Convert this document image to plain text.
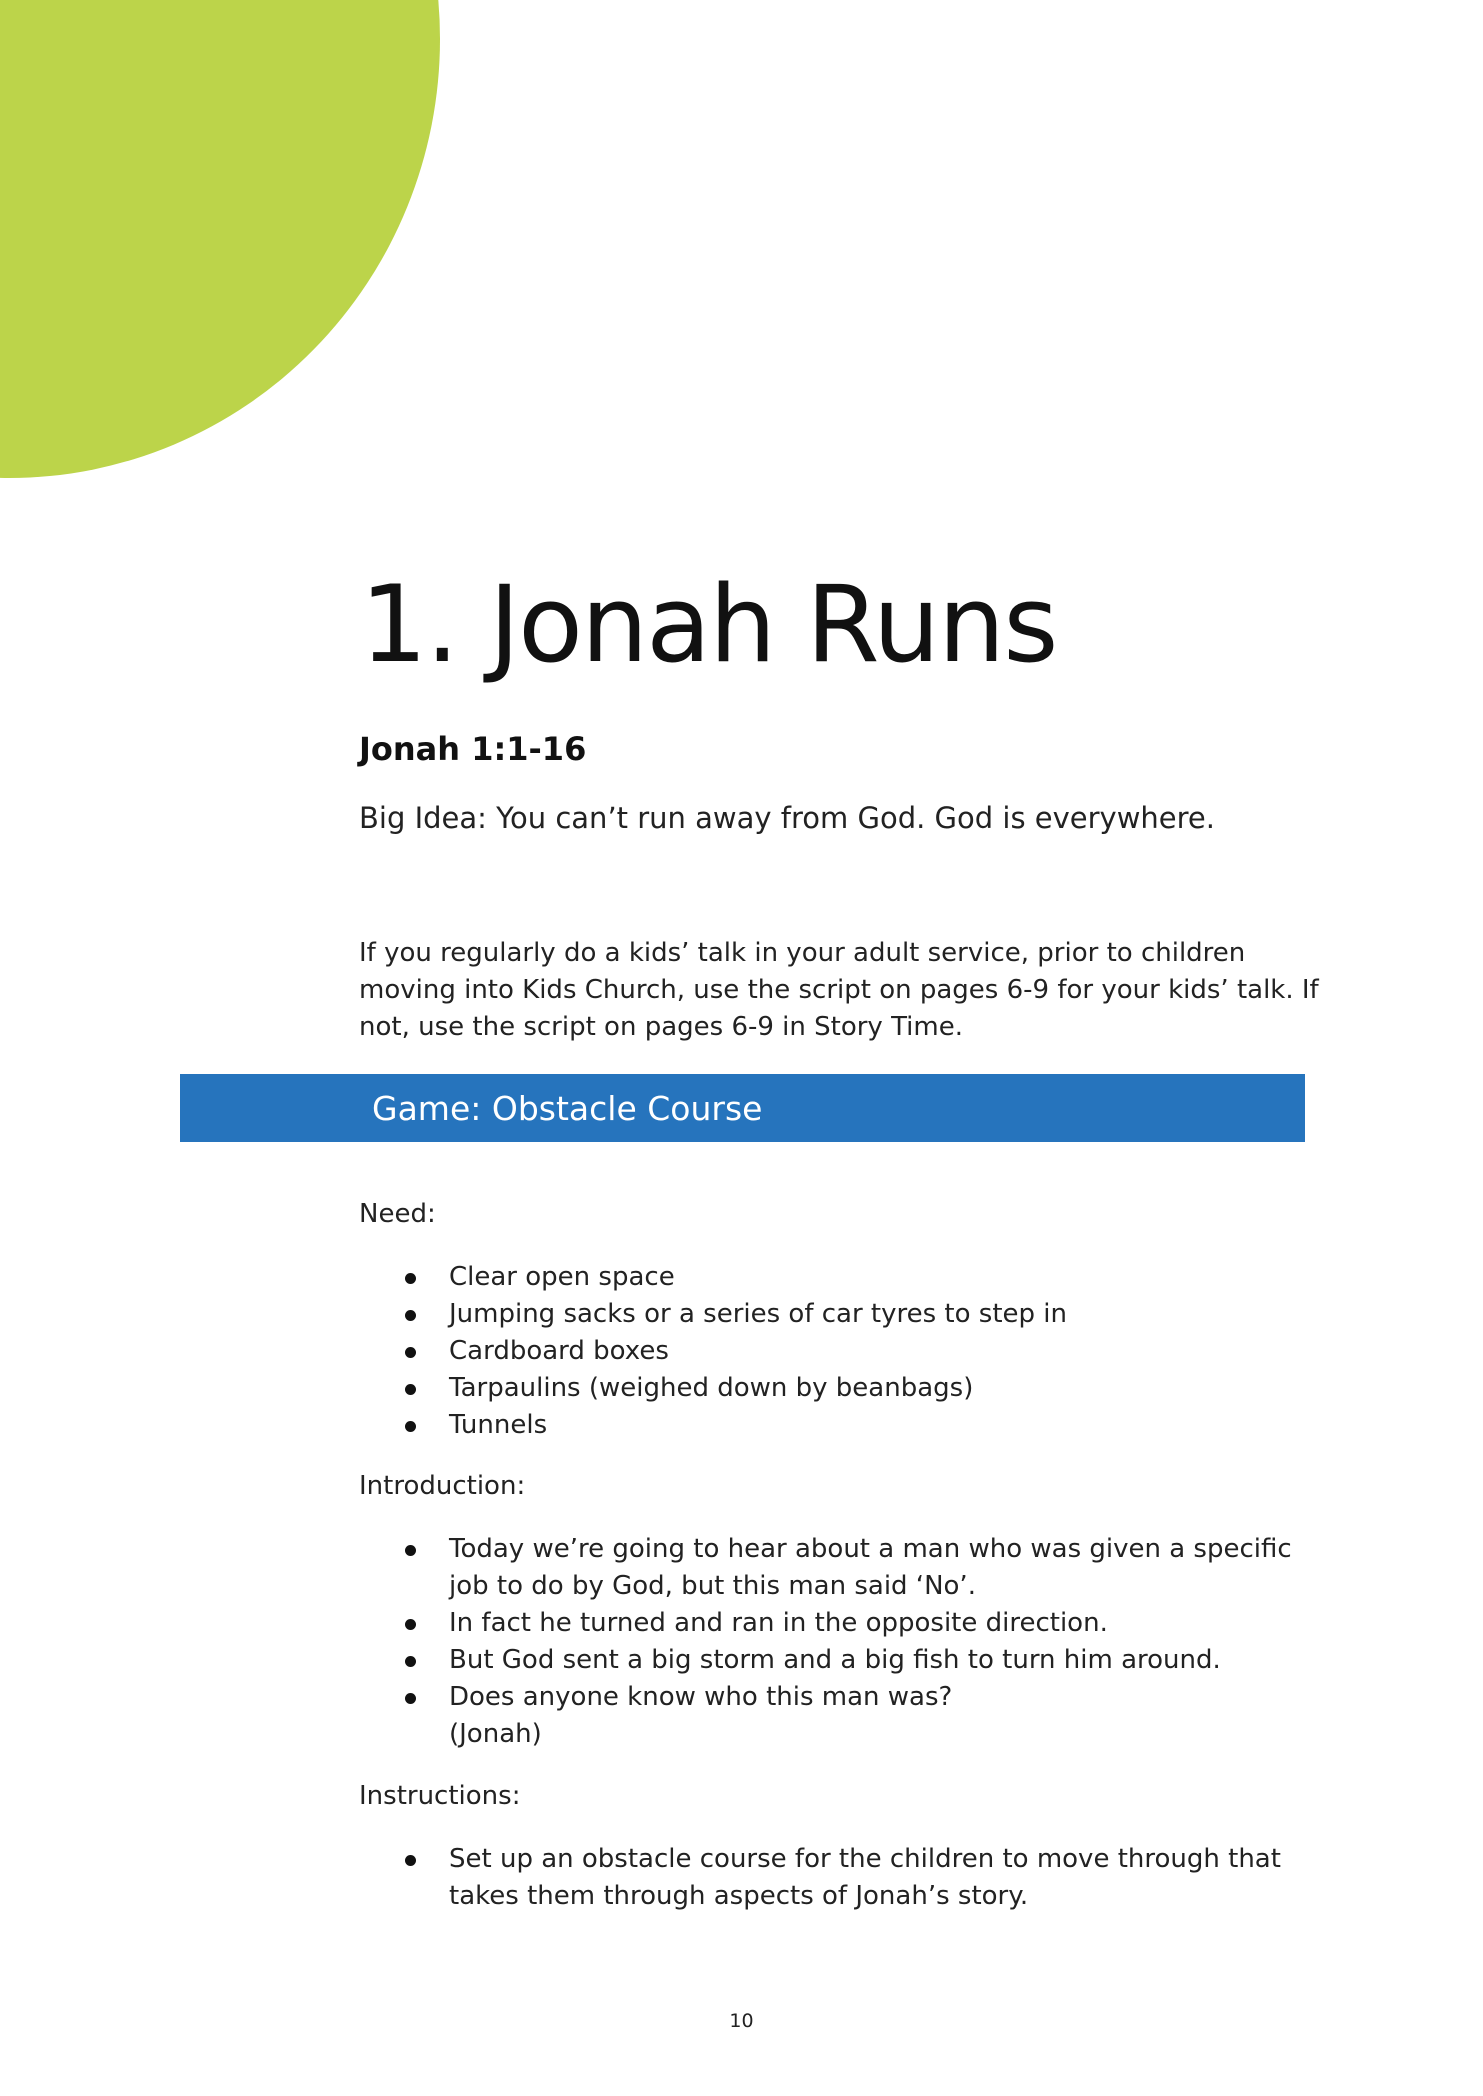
1. Jonah Runs

Jonah 1:1-16

Big Idea: You can’t run away from God. God is everywhere.

If you regularly do a kids’ talk in your adult service, prior to children moving into Kids Church, use the script on pages 6-9 for your kids’ talk. If not, use the script on pages 6-9 in Story Time.

Game: Obstacle Course

Need:

Clear open space
Jumping sacks or a series of car tyres to step in
Cardboard boxes
Tarpaulins (weighed down by beanbags)
Tunnels

Introduction:

Today we’re going to hear about a man who was given a specific job to do by God, but this man said ‘No’.
In fact he turned and ran in the opposite direction.
But God sent a big storm and a big fish to turn him around.
Does anyone know who this man was?
(Jonah)

Instructions:

Set up an obstacle course for the children to move through that takes them through aspects of Jonah’s story.
10
